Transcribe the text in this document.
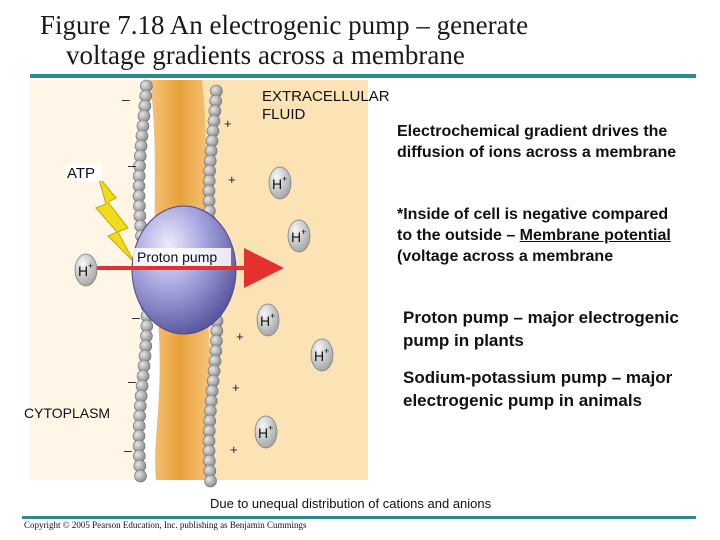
Figure 7.18 An electrogenic pump – generate
voltage gradients across a membrane
H +
H +
H +
H +
H +
H +
EXTRACELLULAR
FLUID
CYTOPLASM
ATP
Proton pump
–
–
–
–
–
+
+
+
+
+
Electrochemical gradient drives the diffusion of ions across a membrane
*Inside of cell is negative compared to the outside – Membrane potential (voltage across a membrane
Proton pump – major electrogenic pump in plants
Sodium-potassium pump – major electrogenic pump in animals
Due to unequal distribution of cations and anions
Copyright © 2005 Pearson Education, Inc. publishing as Benjamin Cummings
